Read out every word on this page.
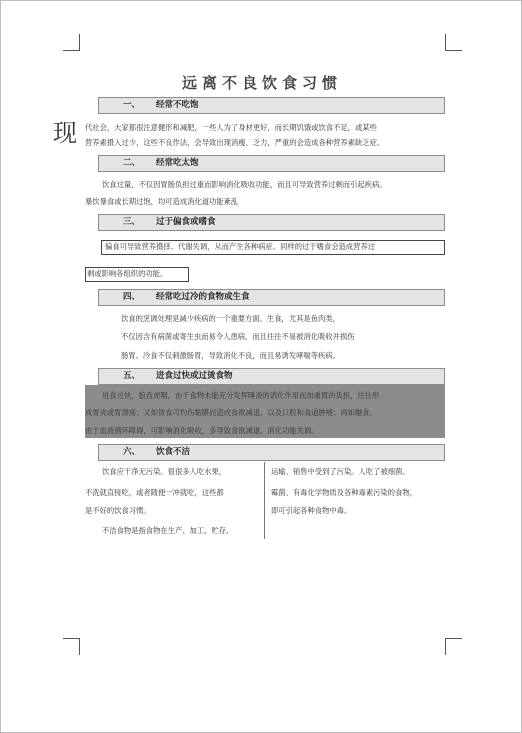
远离不良饮食习惯
一、 经常不吃饱
现 代社会，大家都很注意健形和减肥，一些人为了身材更好，而长期饥饿或饮食不足，或某些
营养素摄入过少，这些不良作法，会导致出现消瘦、乏力，严重的会造成各种营养素缺乏症。
二、 经常吃太饱
饮食过量，不仅因胃肠负担过重而影响消化吸收功能，而且可导致营养过剩而引起疾病。
暴饮暴食或长期过饱，均可造成消化道功能紊乱
三、 过于偏食或嗜食
偏食可导致营养摄择、代谢失调，从而产生各种病症。同样的过于嗜食会造成营养过
剩或影响各组织的功能。
四、 经常吃过冷的食物或生食
饮食的烹调处理是减少疾病的一个重要方面。生食，尤其是鱼肉类，
不仅因含有病菌或寄生虫而易令人患病，而且往往不易被消化吸收并损伤
肠胃。冷食不仅刺激肠胃，导致消化不良，而且易诱发哮喘等疾病。
五、 进食过快或过烫食物
进食过快，狼吞虎咽，由于食物未能充分发挥唾液的消化作用而加重胃的负担，往往形
成胃炎或胃溃疡；又如烫食可灼伤黏膜而造成食欲减退，以及口腔和食道肿痛；再如酗食，
由于血液循环障碍，可影响消化吸收，多导致食欲减退、消化功能失调。
六、 饮食不洁
饮食应干净无污染。很很多人吃水果，
不洗就直接吃，或者随便一冲就吃，这些都
是不好的饮食习惯。
不洁食物是指食物在生产、加工、贮存、
运输、销售中受到了污染。人吃了被细菌、
霉菌、有毒化学物质及各种毒素污染的食物，
即可引起各种食物中毒。
